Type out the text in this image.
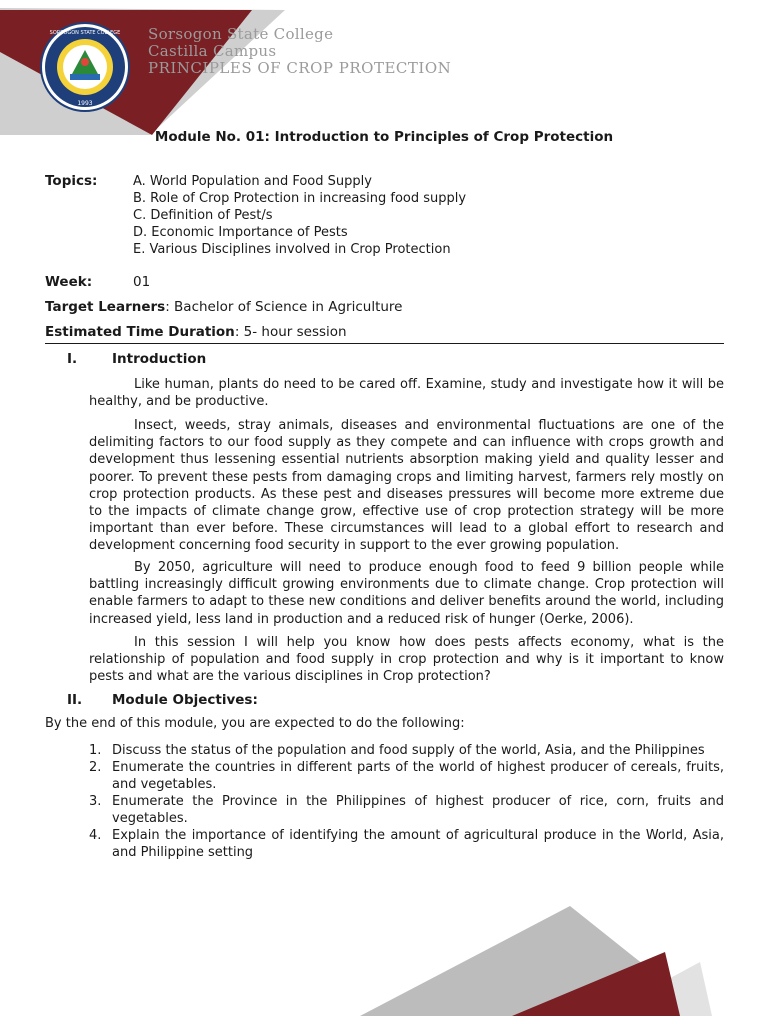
SORSOGON STATE COLLEGE
1993
Sorsogon State College
Castilla Campus
PRINCIPLES OF CROP PROTECTION
Module No. 01: Introduction to Principles of Crop Protection
Topics:	A. World Population and Food Supply
B. Role of Crop Protection in increasing food supply
C. Definition of Pest/s
D. Economic Importance of Pests
E. Various Disciplines involved in Crop Protection
Week:	01
Target Learners: Bachelor of Science in Agriculture
Estimated Time Duration: 5- hour session
I.	Introduction

Like human, plants do need to be cared off. Examine, study and investigate how it will be healthy, and be productive.

Insect, weeds, stray animals, diseases and environmental fluctuations are one of the delimiting factors to our food supply as they compete and can influence with crops growth and development thus lessening essential nutrients absorption making yield and quality lesser and poorer. To prevent these pests from damaging crops and limiting harvest, farmers rely mostly on crop protection products. As these pest and diseases pressures will become more extreme due to the impacts of climate change grow, effective use of crop protection strategy will be more important than ever before. These circumstances will lead to a global effort to research and development concerning food security in support to the ever growing population.

By 2050, agriculture will need to produce enough food to feed 9 billion people while battling increasingly difficult growing environments due to climate change. Crop protection will enable farmers to adapt to these new conditions and deliver benefits around the world, including increased yield, less land in production and a reduced risk of hunger (Oerke, 2006).

In this session I will help you know how does pests affects economy, what is the relationship of population and food supply in crop protection and why is it important to know pests and what are the various disciplines in Crop protection?

II. Module Objectives:
By the end of this module, you are expected to do the following:
1. Discuss the status of the population and food supply of the world, Asia, and the Philippines
2. Enumerate the countries in different parts of the world of highest producer of cereals, fruits, and vegetables.
3. Enumerate the Province in the Philippines of highest producer of rice, corn, fruits and vegetables.
4. Explain the importance of identifying the amount of agricultural produce in the World, Asia, and Philippine setting
